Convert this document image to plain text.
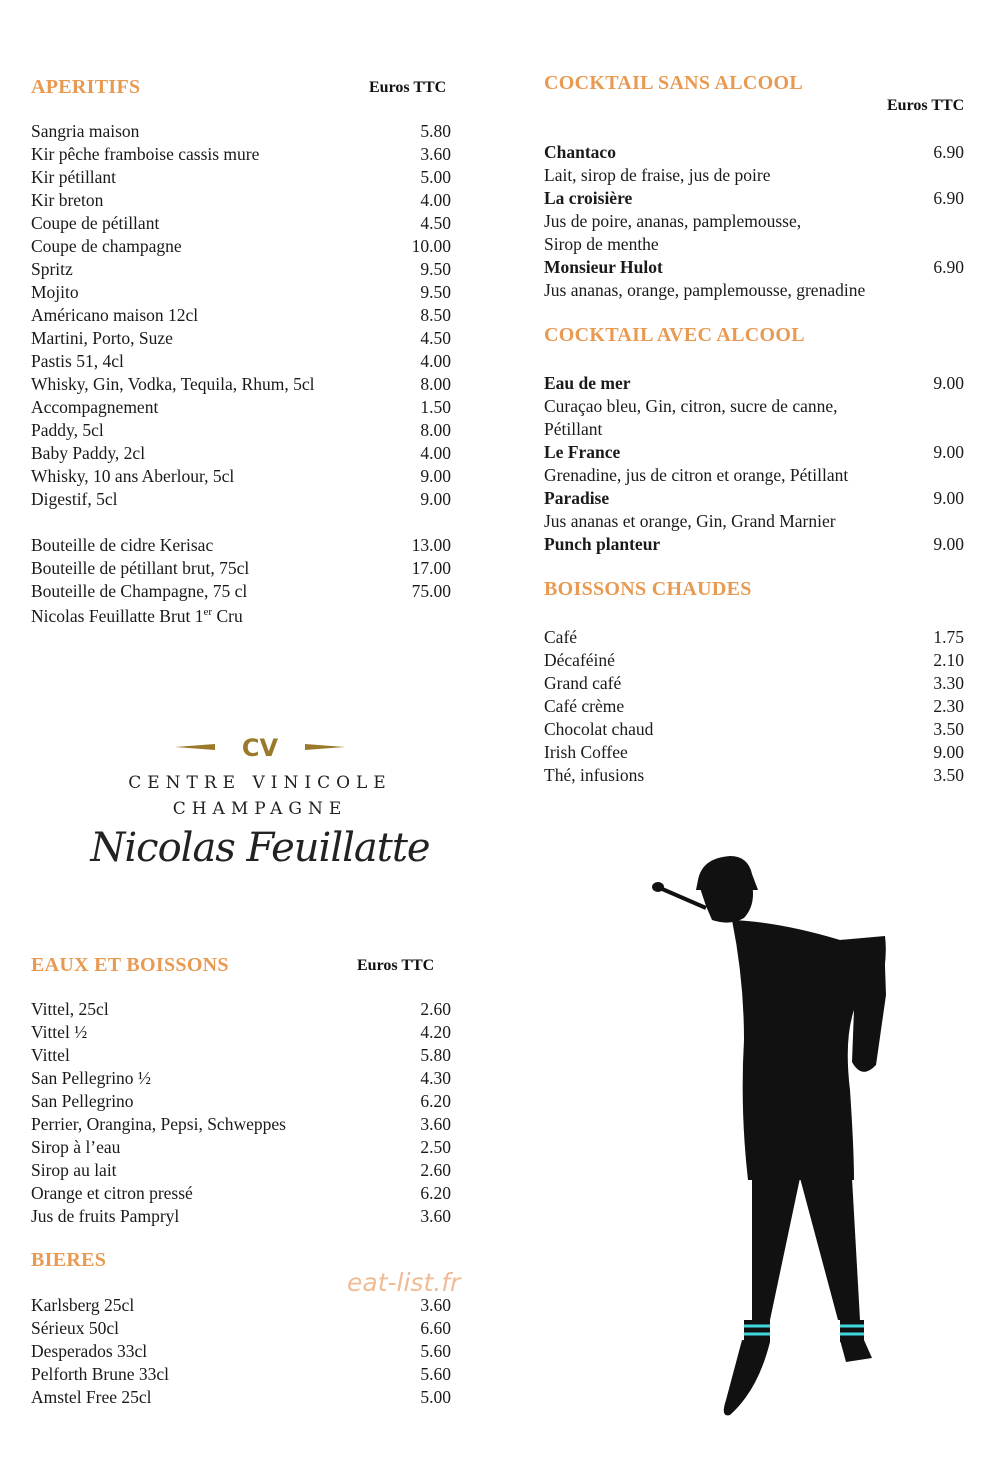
APERITIFS	Euros TTC
Sangria maison	5.80
Kir pêche framboise cassis mure	3.60
Kir pétillant	5.00
Kir breton	4.00
Coupe de pétillant	4.50
Coupe de champagne	10.00
Spritz	9.50
Mojito	9.50
Américano maison 12cl	8.50
Martini, Porto, Suze	4.50
Pastis 51, 4cl	4.00
Whisky, Gin, Vodka, Tequila, Rhum, 5cl	8.00
Accompagnement	1.50
Paddy, 5cl	8.00
Baby Paddy, 2cl	4.00
Whisky, 10 ans Aberlour, 5cl	9.00
Digestif, 5cl	9.00
Bouteille de cidre Kerisac	13.00
Bouteille de pétillant brut, 75cl	17.00
Bouteille de Champagne, 75 cl	75.00
Nicolas Feuillatte Brut 1er Cru
CV
CENTRE VINICOLE
CHAMPAGNE
Nicolas Feuillatte
EAUX ET BOISSONS	Euros TTC
Vittel, 25cl	2.60
Vittel ½	4.20
Vittel	5.80
San Pellegrino ½	4.30
San Pellegrino	6.20
Perrier, Orangina, Pepsi, Schweppes	3.60
Sirop à l’eau	2.50
Sirop au lait	2.60
Orange et citron pressé	6.20
Jus de fruits Pampryl	3.60
BIERES
Karlsberg 25cl	3.60
Sérieux 50cl	6.60
Desperados 33cl	5.60
Pelforth Brune 33cl	5.60
Amstel Free 25cl	5.00
eat-list.fr
COCKTAIL SANS ALCOOL
Euros TTC
Chantaco	6.90
Lait, sirop de fraise, jus de poire
La croisière	6.90
Jus de poire, ananas, pamplemousse,
Sirop de menthe
Monsieur Hulot	6.90
Jus ananas, orange, pamplemousse, grenadine
COCKTAIL AVEC ALCOOL
Eau de mer	9.00
Curaçao bleu, Gin, citron, sucre de canne,
Pétillant
Le France	9.00
Grenadine, jus de citron et orange, Pétillant
Paradise	9.00
Jus ananas et orange, Gin, Grand Marnier
Punch planteur	9.00
BOISSONS CHAUDES
Café	1.75
Décaféiné	2.10
Grand café	3.30
Café crème	2.30
Chocolat chaud	3.50
Irish Coffee	9.00
Thé, infusions	3.50
